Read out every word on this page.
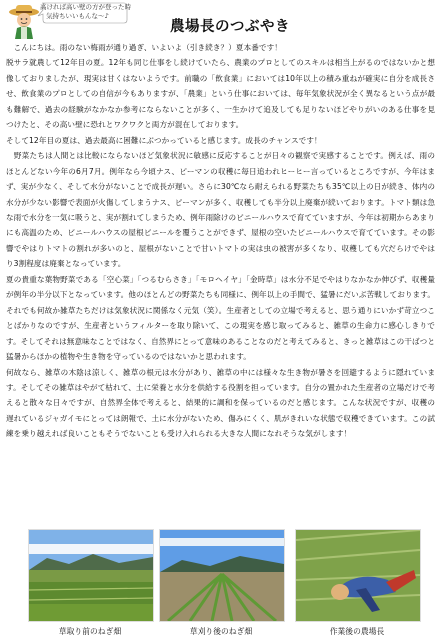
高ければ高い壁の方が登った時
気持ちいいもんな～♪
農場長のつぶやき

　こんにちは。雨のない梅雨が通り過ぎ、いよいよ（引き続き？）夏本番です！

脱サラ就農して12年目の夏。12年も同じ仕事をし続けていたら、農業のプロとしてのスキルは相当上がるのではないかと想像しておりましたが、現実は甘くはないようです。前職の「飲食業」においては10年以上の積み重ねが確実に自分を成長させ、飲食業のプロとしての自信が今もありますが、「農業」という仕事においては、毎年気象状況が全く異なるという点が最も難解で、過去の経験がなかなか参考にならないことが多く、一生かけて追及しても足りないほどやりがいのある仕事を見つけたと、その高い壁に恐れとワクワクと両方が混在しております。

そして12年目の夏は、過去最高に困難にぶつかっていると感じます。成長のチャンスです！

　野菜たちは人間とは比較にならないほど気象状況に敏感に反応することが日々の観察で実感することです。例えば、雨のほとんどない今年の6月7月。例年なら今頃ナス、ピーマンの収穫に毎日追われヒーヒー言っているところですが、今年はまず、実が少なく、そして水分がないことで成長が遅い。さらに30℃なら耐えられる野菜たちも35℃以上の日が続き、体内の水分が少ない影響で表面が火傷してしまうナス、ピーマンが多く、収穫しても半分以上廃棄が続いております。トマト類は急な雨で水分を一気に吸うと、実が割れてしまうため、例年雨除けのビニールハウスで育てていますが、今年は初期からあまりにも高温のため、ビニールハウスの屋根ビニールを覆うことができず、屋根の空いたビニールハウスで育てています。その影響でやはりトマトの割れが多いのと、屋根がないことで甘いトマトの実は虫の被害が多くなり、収穫しても穴だらけでやはり3割程度は廃棄となっています。

夏の貴重な葉物野菜である「空心菜」「つるむらさき」「モロヘイヤ」「金時草」は水分不足でやはりなかなか伸びず、収穫量が例年の半分以下となっています。他のほとんどの野菜たちも同様に、例年以上の手間で、猛暑にだいぶ苦戦しております。それでも何故か雑草たちだけは気象状況に関係なく元気（笑）。生産者としての立場で考えると、思う通りにいかず苛立つことばかりなのですが、生産者というフィルターを取り除いて、この現実を感じ取ってみると、雑草の生命力に感心しきりです。そしてそれは無意味なことではなく、自然界にとって意味のあることなのだと考えてみると、きっと雑草はこの干ばつと猛暑からほかの植物や生き物を守っているのではないかと思われます。

何故なら、雑草の木陰は涼しく、雑草の根元は水分があり、雑草の中には様々な生き物が暑さを回避するように隠れています。そしてその雑草はやがて枯れて、土に栄養と水分を供給する役割を担っています。自分の置かれた生産者の立場だけで考えると散々な日々ですが、自然界全体で考えると、結果的に調和を保っているのだと感じます。こんな状況ですが、収穫の遅れているジャガイモにとっては朗報で、土に水分がないため、傷みにくく、肌がきれいな状態で収穫できています。この試練を乗り越えれば良いこともそうでないことも受け入れられる大きな人間になれそうな気がします！

草取り前のねぎ畑	草刈り後のねぎ畑	作業後の農場長
